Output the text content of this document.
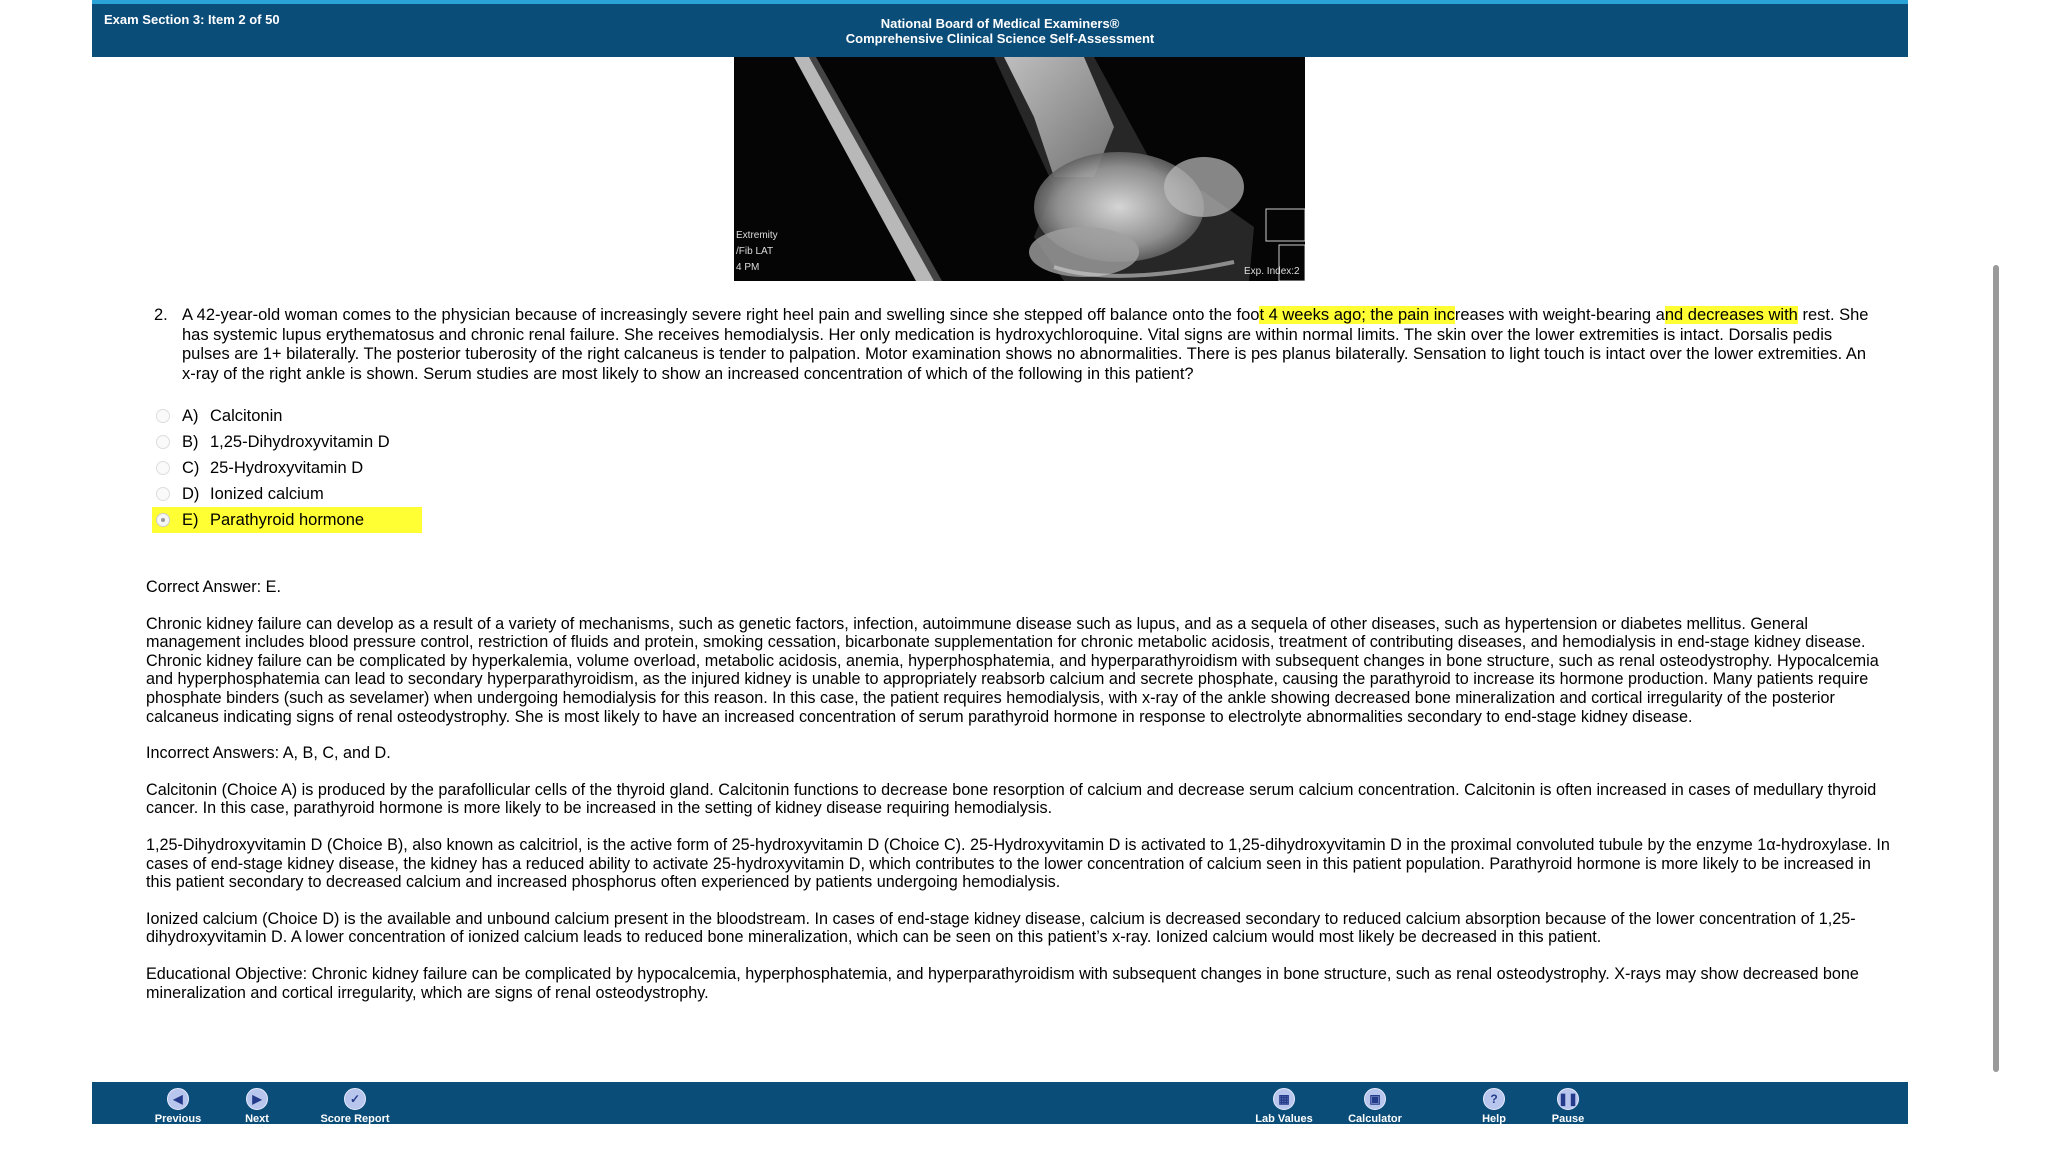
Exam Section 3: Item 2 of 50	National Board of Medical Examiners®
Comprehensive Clinical Science Self-Assessment
Extremity
/Fib LAT
4 PM	Exp. Index:2
2. A 42-year-old woman comes to the physician because of increasingly severe right heel pain and swelling since she stepped off balance onto the foot 4 weeks ago; the pain increases with weight-bearing and decreases with rest. She has systemic lupus erythematosus and chronic renal failure. She receives hemodialysis. Her only medication is hydroxychloroquine. Vital signs are within normal limits. The skin over the lower extremities is intact. Dorsalis pedis pulses are 1+ bilaterally. The posterior tuberosity of the right calcaneus is tender to palpation. Motor examination shows no abnormalities. There is pes planus bilaterally. Sensation to light touch is intact over the lower extremities. An x-ray of the right ankle is shown. Serum studies are most likely to show an increased concentration of which of the following in this patient?
A) Calcitonin
B) 1,25-Dihydroxyvitamin D
C) 25-Hydroxyvitamin D
D) Ionized calcium
E) Parathyroid hormone

Correct Answer: E.

Chronic kidney failure can develop as a result of a variety of mechanisms, such as genetic factors, infection, autoimmune disease such as lupus, and as a sequela of other diseases, such as hypertension or diabetes mellitus. General management includes blood pressure control, restriction of fluids and protein, smoking cessation, bicarbonate supplementation for chronic metabolic acidosis, treatment of contributing diseases, and hemodialysis in end-stage kidney disease. Chronic kidney failure can be complicated by hyperkalemia, volume overload, metabolic acidosis, anemia, hyperphosphatemia, and hyperparathyroidism with subsequent changes in bone structure, such as renal osteodystrophy. Hypocalcemia and hyperphosphatemia can lead to secondary hyperparathyroidism, as the injured kidney is unable to appropriately reabsorb calcium and secrete phosphate, causing the parathyroid to increase its hormone production. Many patients require phosphate binders (such as sevelamer) when undergoing hemodialysis for this reason. In this case, the patient requires hemodialysis, with x-ray of the ankle showing decreased bone mineralization and cortical irregularity of the posterior calcaneus indicating signs of renal osteodystrophy. She is most likely to have an increased concentration of serum parathyroid hormone in response to electrolyte abnormalities secondary to end-stage kidney disease.

Incorrect Answers: A, B, C, and D.

Calcitonin (Choice A) is produced by the parafollicular cells of the thyroid gland. Calcitonin functions to decrease bone resorption of calcium and decrease serum calcium concentration. Calcitonin is often increased in cases of medullary thyroid cancer. In this case, parathyroid hormone is more likely to be increased in the setting of kidney disease requiring hemodialysis.

1,25-Dihydroxyvitamin D (Choice B), also known as calcitriol, is the active form of 25-hydroxyvitamin D (Choice C). 25-Hydroxyvitamin D is activated to 1,25-dihydroxyvitamin D in the proximal convoluted tubule by the enzyme 1α-hydroxylase. In cases of end-stage kidney disease, the kidney has a reduced ability to activate 25-hydroxyvitamin D, which contributes to the lower concentration of calcium seen in this patient population. Parathyroid hormone is more likely to be increased in this patient secondary to decreased calcium and increased phosphorus often experienced by patients undergoing hemodialysis.

Ionized calcium (Choice D) is the available and unbound calcium present in the bloodstream. In cases of end-stage kidney disease, calcium is decreased secondary to reduced calcium absorption because of the lower concentration of 1,25-dihydroxyvitamin D. A lower concentration of ionized calcium leads to reduced bone mineralization, which can be seen on this patient’s x-ray. Ionized calcium would most likely be decreased in this patient.

Educational Objective: Chronic kidney failure can be complicated by hypocalcemia, hyperphosphatemia, and hyperparathyroidism with subsequent changes in bone structure, such as renal osteodystrophy. X-rays may show decreased bone mineralization and cortical irregularity, which are signs of renal osteodystrophy.

◀
Previous
▶
Next
✓
Score Report
▦
Lab Values
▣
Calculator
?
Help
❚❚
Pause
